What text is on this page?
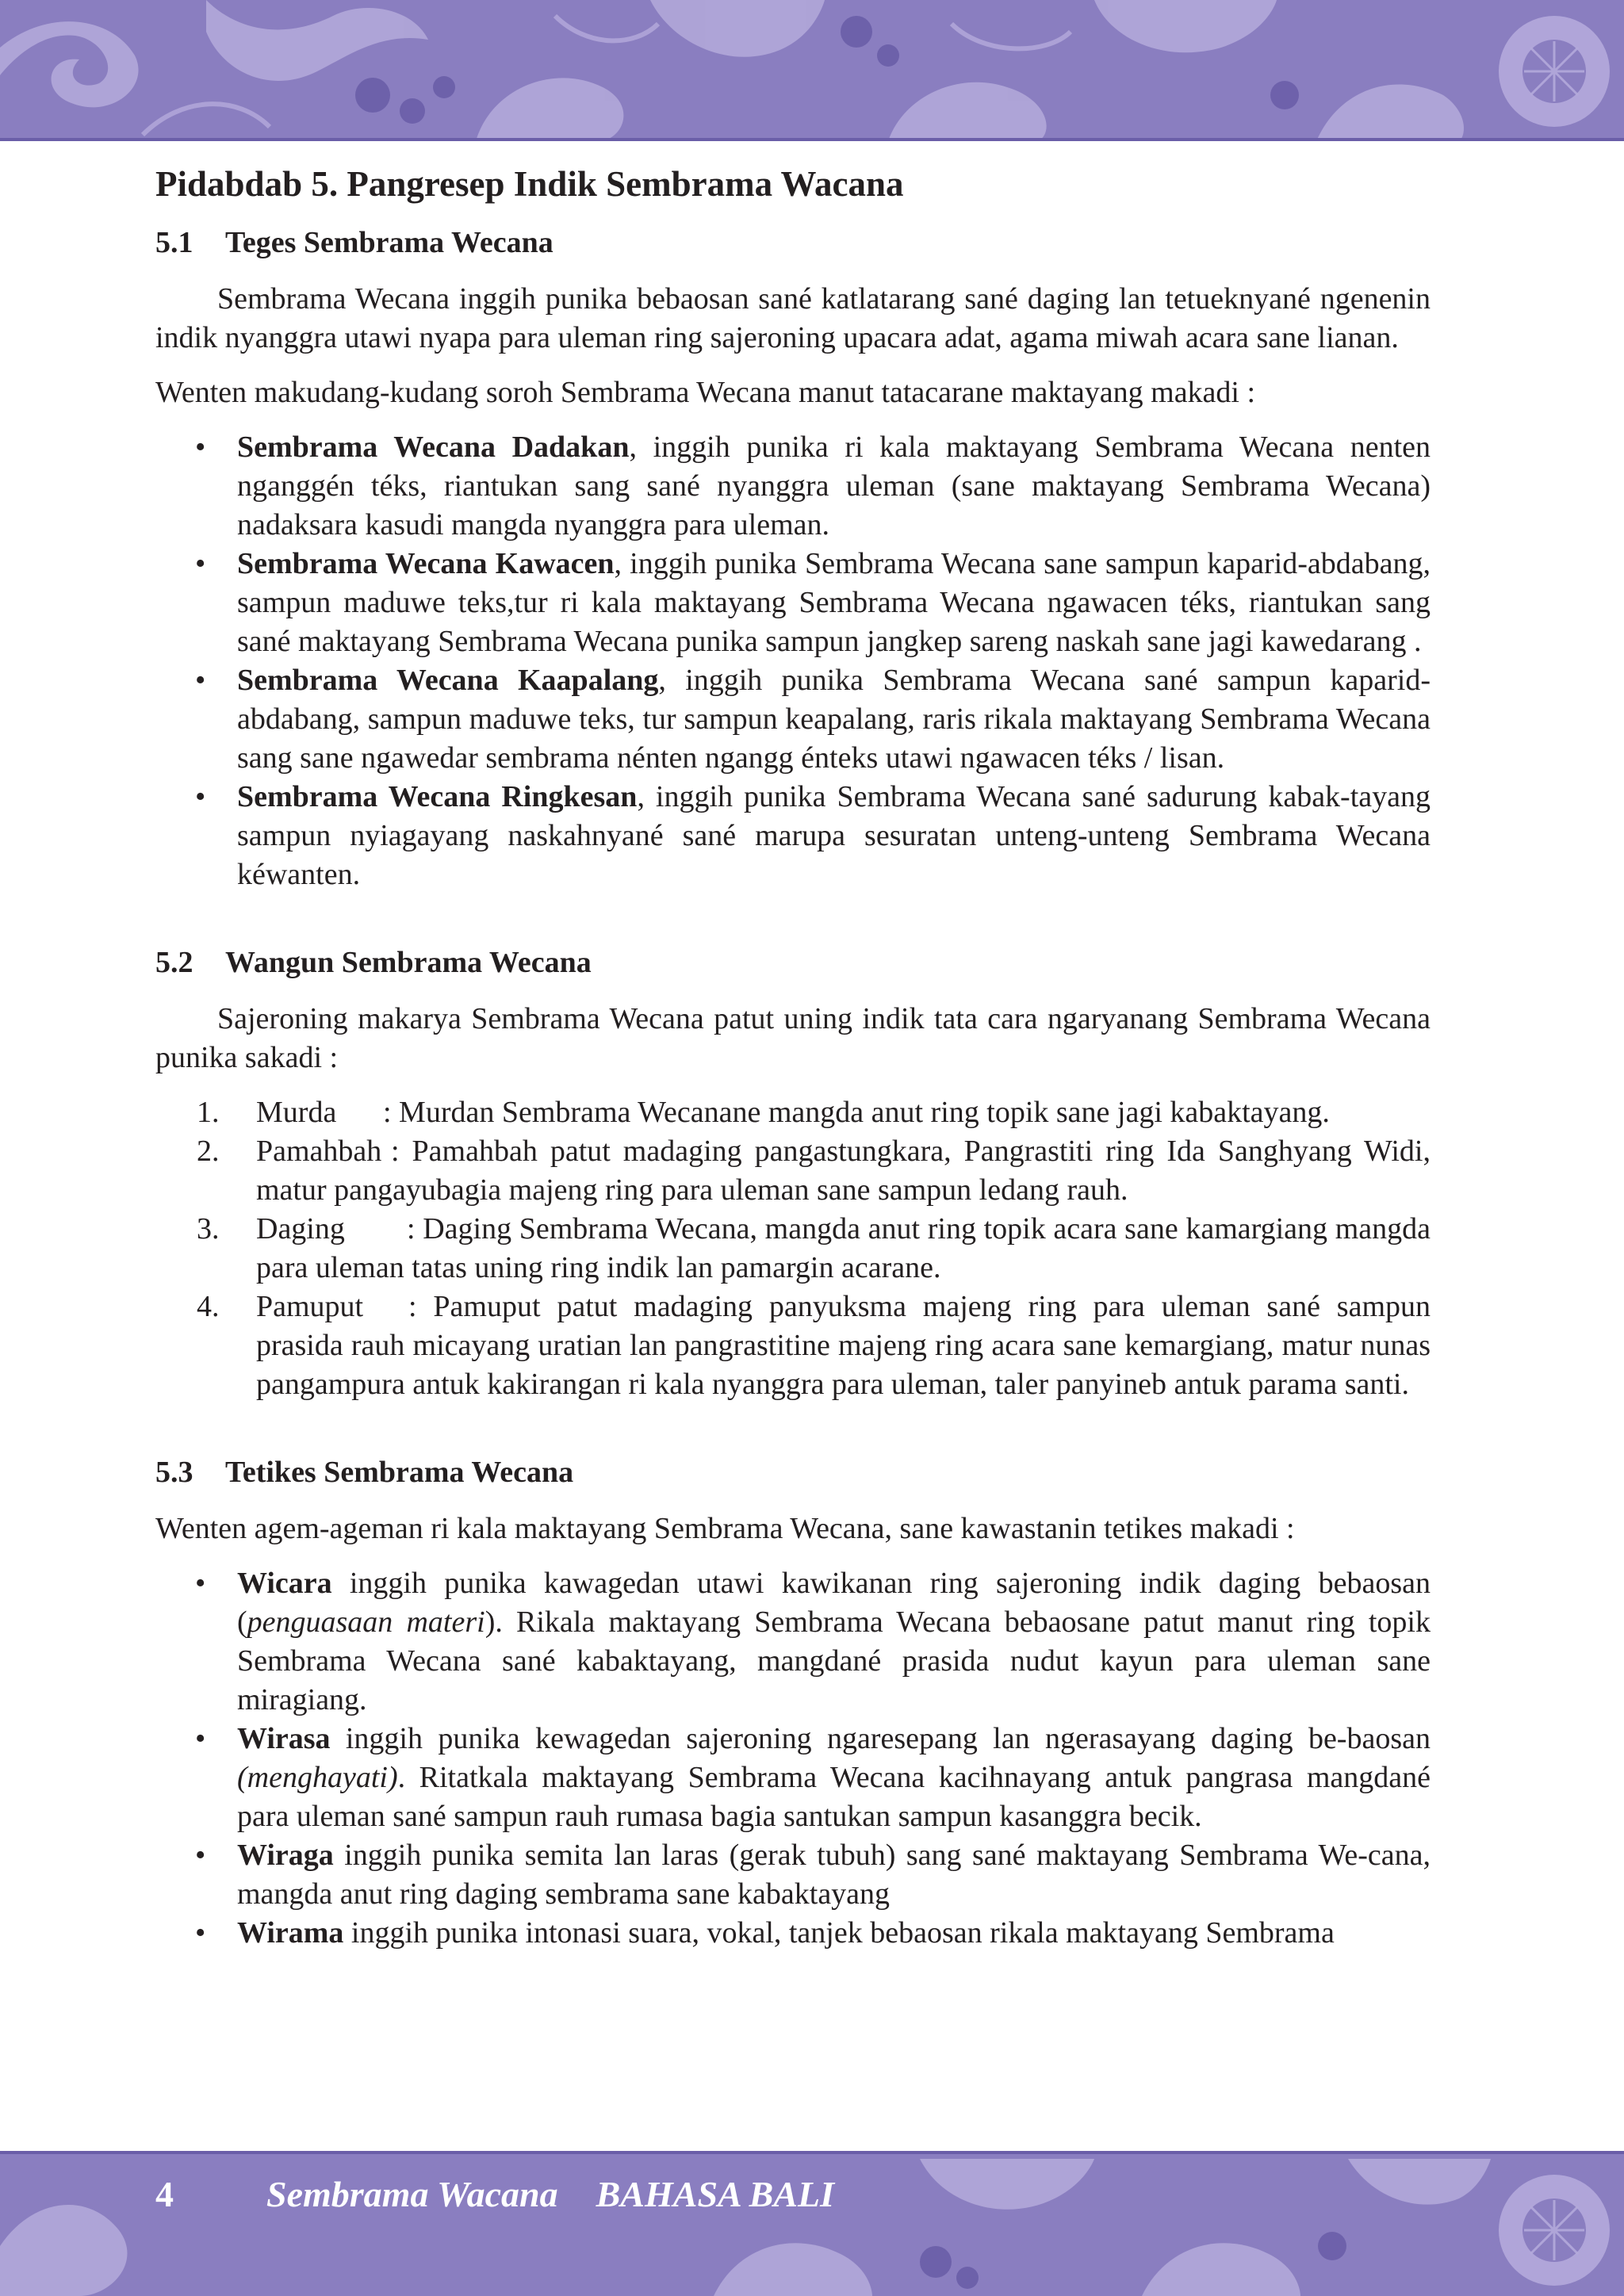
Pidabdab 5. Pangresep Indik Sembrama Wacana
5.1 Teges Sembrama Wecana

Sembrama Wecana inggih punika bebaosan sané katlatarang sané daging lan tetueknyané ngenenin indik nyanggra utawi nyapa para uleman ring sajeroning upacara adat, agama miwah acara sane lianan.

Wenten makudang-kudang soroh Sembrama Wecana manut tatacarane maktayang makadi :

• Sembrama Wecana Dadakan, inggih punika ri kala maktayang Sembrama Wecana nenten nganggén téks, riantukan sang sané nyanggra uleman (sane maktayang Sembrama Wecana) nadaksara kasudi mangda nyanggra para uleman.
• Sembrama Wecana Kawacen, inggih punika Sembrama Wecana sane sampun kaparid-abdabang, sampun maduwe teks,tur ri kala maktayang Sembrama Wecana ngawacen téks, riantukan sang sané maktayang Sembrama Wecana punika sampun jangkep sareng naskah sane jagi kawedarang .
• Sembrama Wecana Kaapalang, inggih punika Sembrama Wecana sané sampun kaparid-abdabang, sampun maduwe teks, tur sampun keapalang, raris rikala maktayang Sembrama Wecana sang sane ngawedar sembrama nénten ngangg énteks utawi ngawacen téks / lisan.
• Sembrama Wecana Ringkesan, inggih punika Sembrama Wecana sané sadurung kabak-tayang sampun nyiagayang naskahnyané sané marupa sesuratan unteng-unteng Sembrama Wecana kéwanten.
5.2 Wangun Sembrama Wecana

Sajeroning makarya Sembrama Wecana patut uning indik tata cara ngaryanang Sembrama Wecana punika sakadi :

1. Murda : Murdan Sembrama Wecanane mangda anut ring topik sane jagi kabaktayang.
2. Pamahbah : Pamahbah patut madaging pangastungkara, Pangrastiti ring Ida Sanghyang Widi, matur pangayubagia majeng ring para uleman sane sampun ledang rauh.
3. Daging : Daging Sembrama Wecana, mangda anut ring topik acara sane kamargiang mangda para uleman tatas uning ring indik lan pamargin acarane.
4. Pamuput : Pamuput patut madaging panyuksma majeng ring para uleman sané sampun prasida rauh micayang uratian lan pangrastitine majeng ring acara sane kemargiang, matur nunas pangampura antuk kakirangan ri kala nyanggra para uleman, taler panyineb antuk parama santi.
5.3 Tetikes Sembrama Wecana

Wenten agem-ageman ri kala maktayang Sembrama Wecana, sane kawastanin tetikes makadi :

• Wicara inggih punika kawagedan utawi kawikanan ring sajeroning indik daging bebaosan (penguasaan materi). Rikala maktayang Sembrama Wecana bebaosane patut manut ring topik Sembrama Wecana sané kabaktayang, mangdané prasida nudut kayun para uleman sane miragiang.
• Wirasa inggih punika kewagedan sajeroning ngaresepang lan ngerasayang daging be-baosan (menghayati). Ritatkala maktayang Sembrama Wecana kacihnayang antuk pangrasa mangdané para uleman sané sampun rauh rumasa bagia santukan sampun kasanggra becik.
• Wiraga inggih punika semita lan laras (gerak tubuh) sang sané maktayang Sembrama We-cana, mangda anut ring daging sembrama sane kabaktayang
• Wirama inggih punika intonasi suara, vokal, tanjek bebaosan rikala maktayang Sembrama
4	Sembrama Wacana BAHASA BALI
